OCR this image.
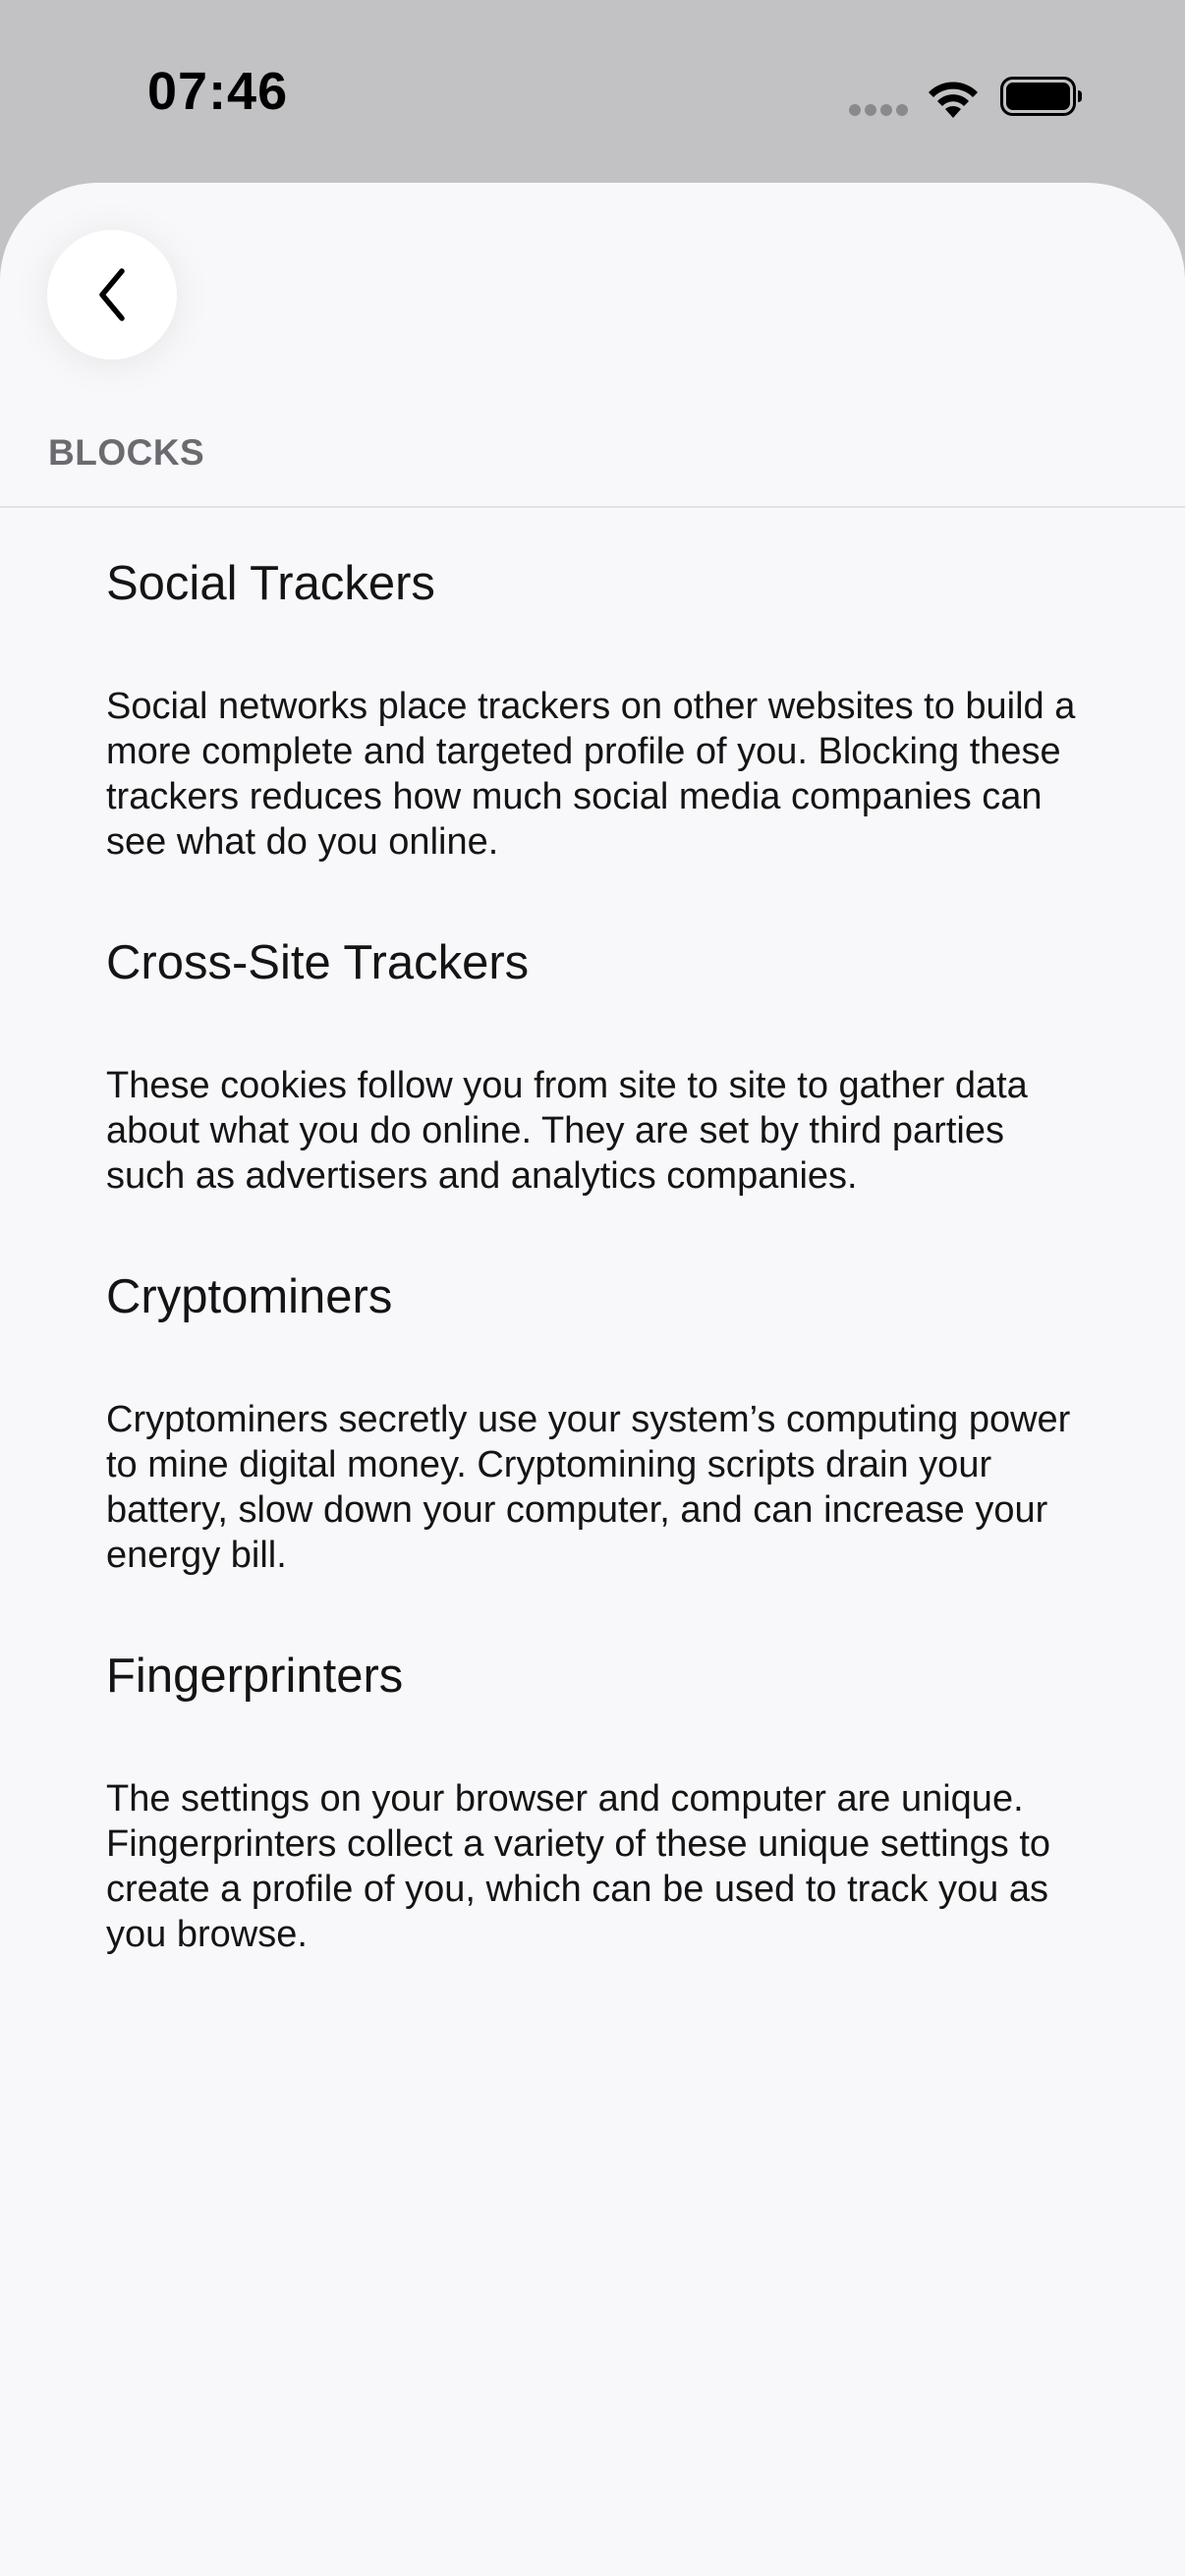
07:46
BLOCKS
Social Trackers

Social networks place trackers on other websites to build a more complete and targeted profile of you. Blocking these trackers reduces how much social media companies can see what do you online.

Cross-Site Trackers

These cookies follow you from site to site to gather data about what you do online. They are set by third parties such as advertisers and analytics companies.

Cryptominers

Cryptominers secretly use your system’s computing power to mine digital money. Cryptomining scripts drain your battery, slow down your computer, and can increase your energy bill.

Fingerprinters

The settings on your browser and computer are unique. Fingerprinters collect a variety of these unique settings to create a profile of you, which can be used to track you as you browse.
